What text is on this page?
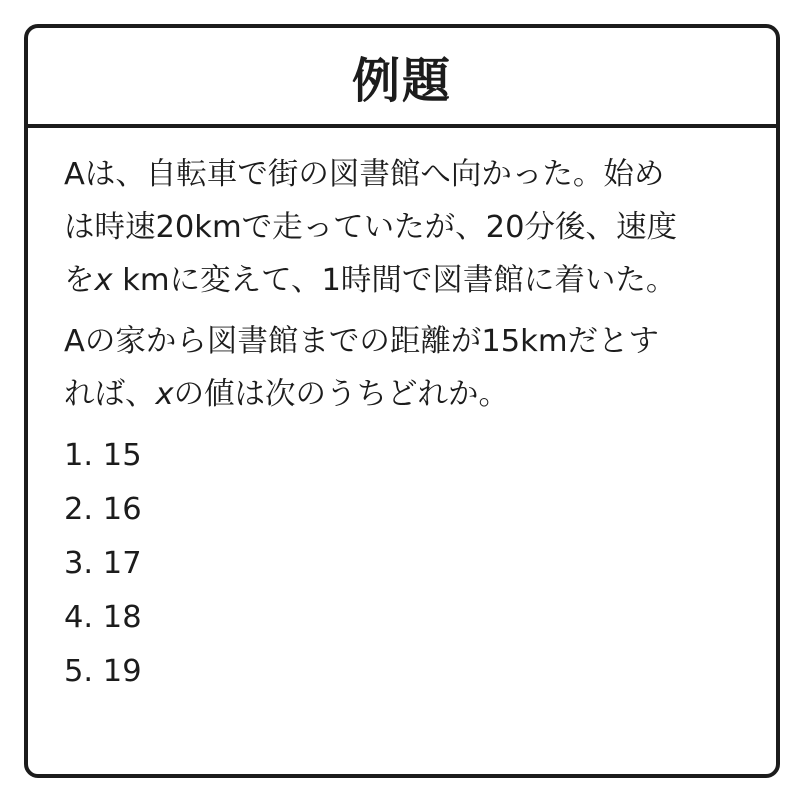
例題

Aは、自転車で街の図書館へ向かった。始め
は時速20kmで走っていたが、20分後、速度
をx kmに変えて、1時間で図書館に着いた。

Aの家から図書館までの距離が15kmだとす
れば、xの値は次のうちどれか。

1. 15
2. 16
3. 17
4. 18
5. 19
